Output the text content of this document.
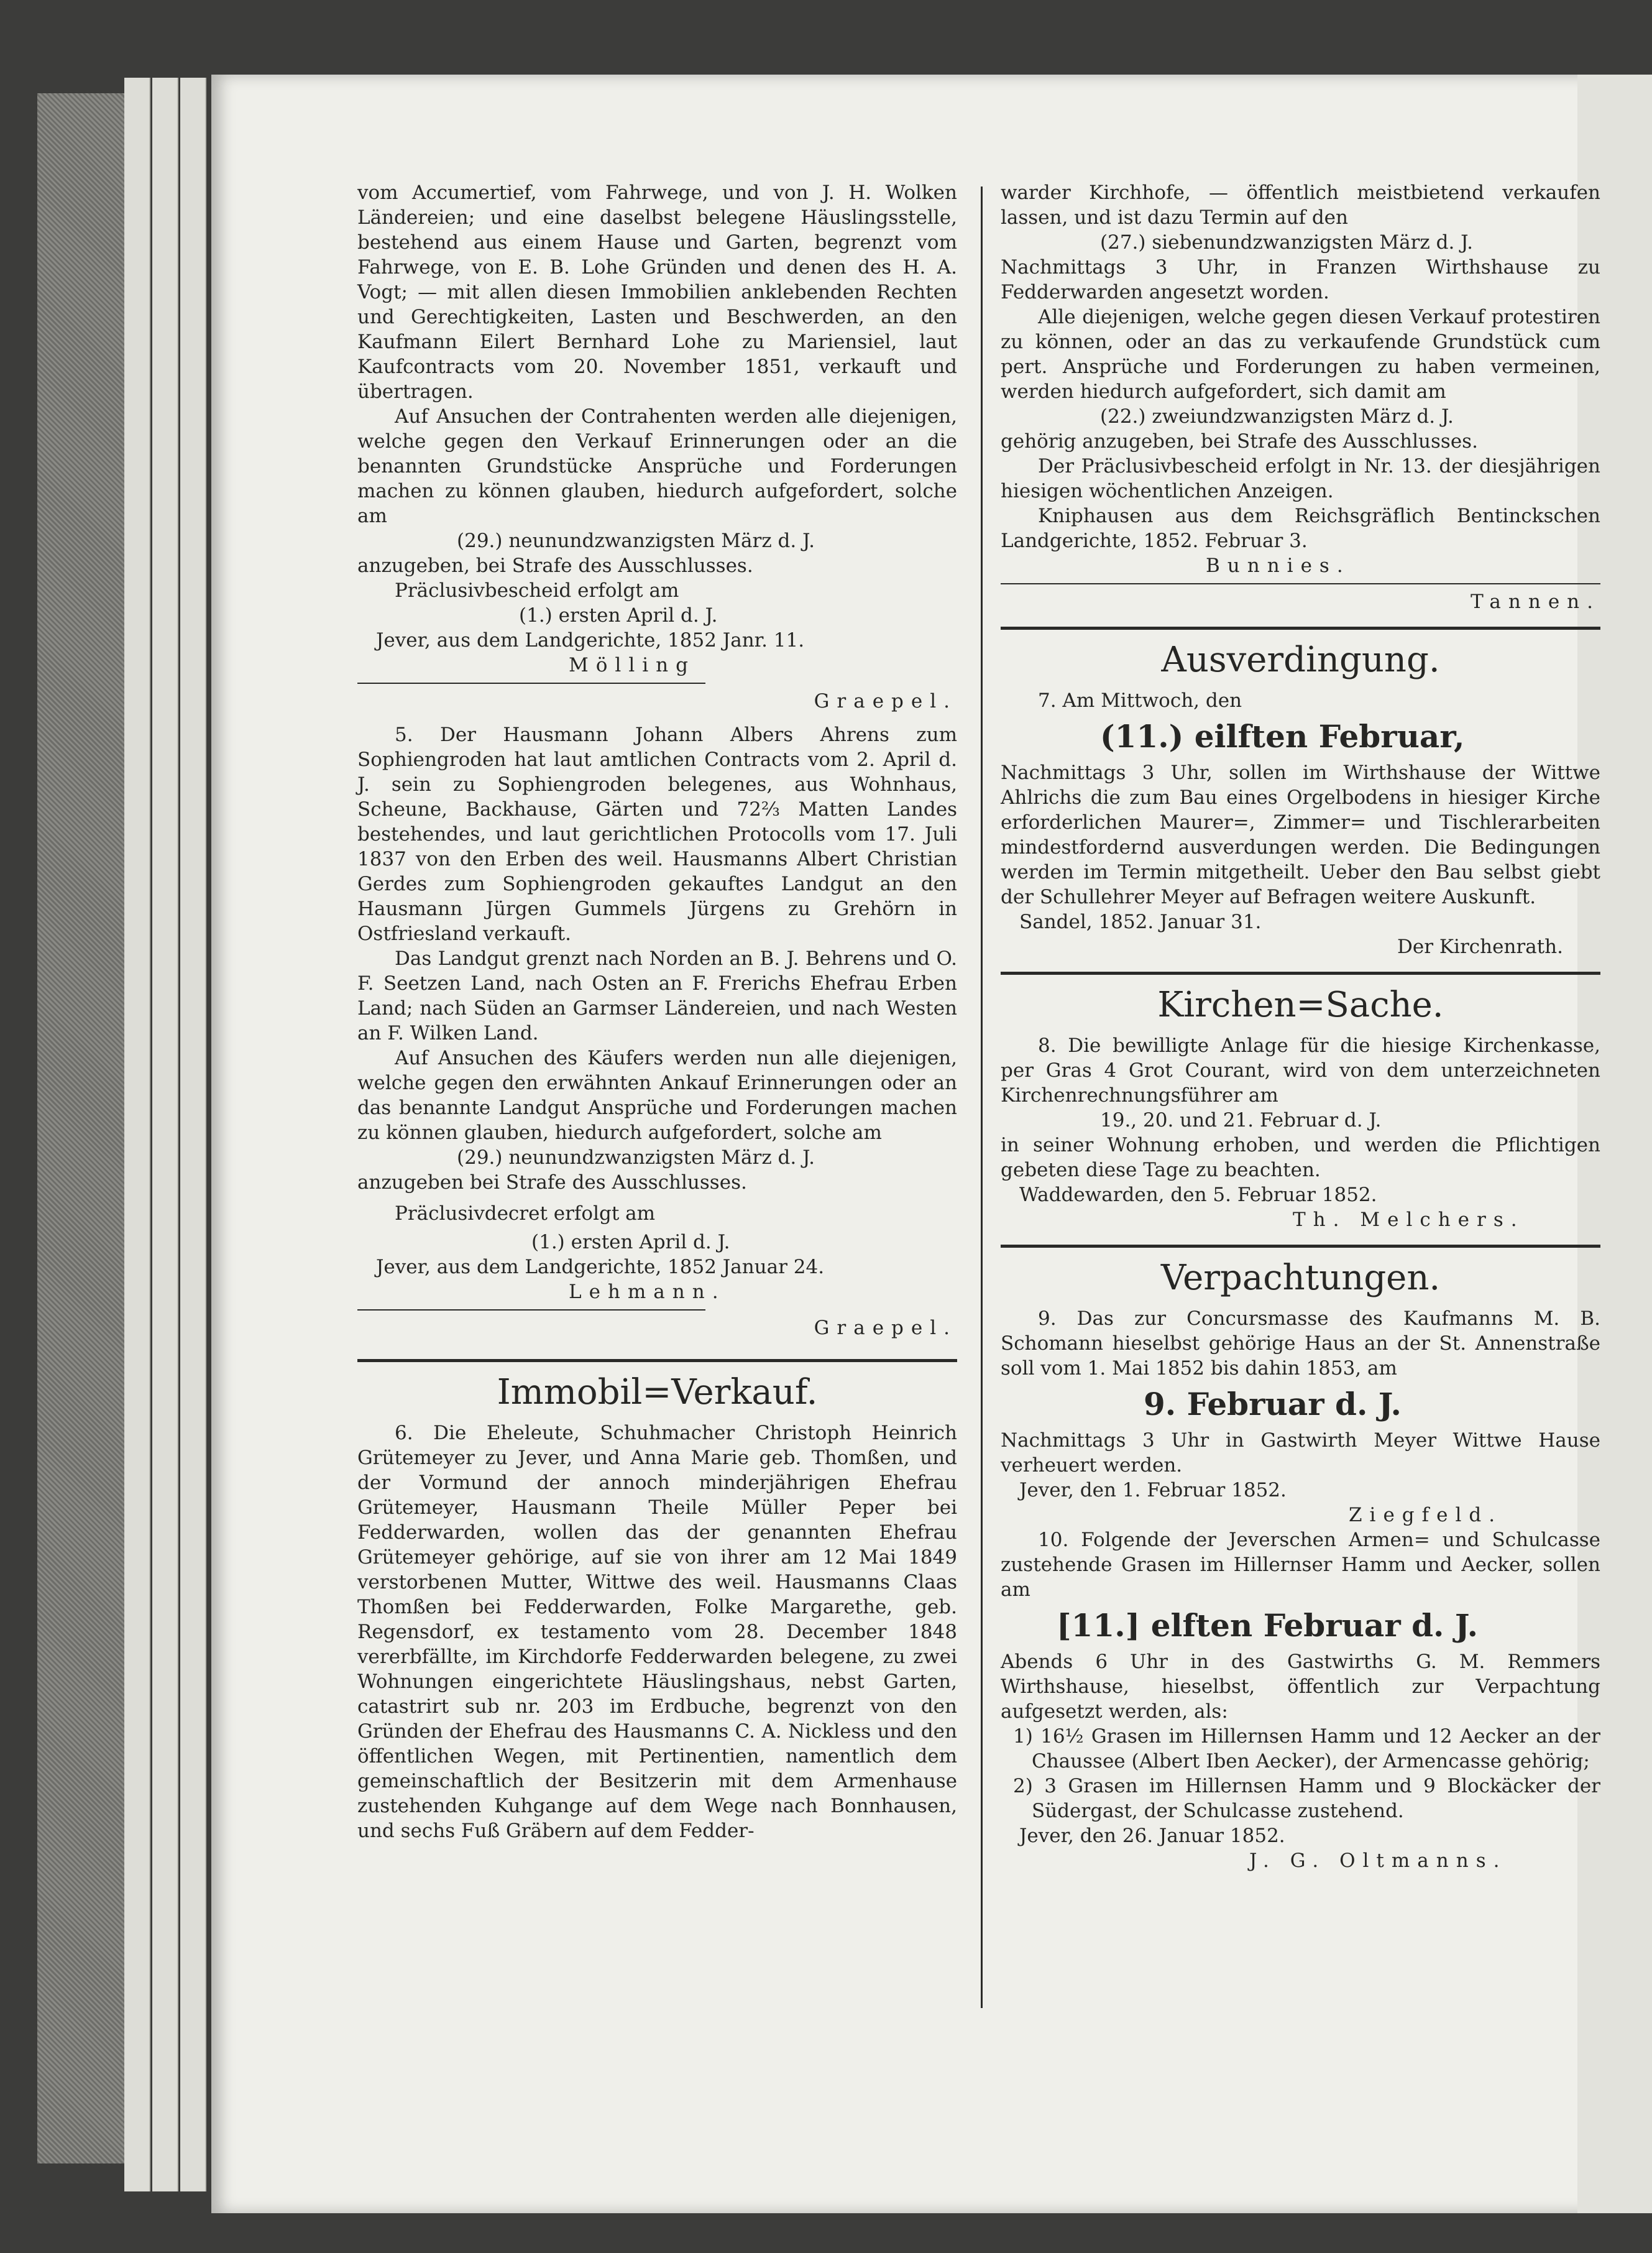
vom Accumertief, vom Fahrwege, und von J. H. Wolken Ländereien; und eine daselbst belegene Häuslingsstelle, bestehend aus einem Hause und Garten, begrenzt vom Fahrwege, von E. B. Lohe Gründen und denen des H. A. Vogt; — mit allen diesen Immobilien anklebenden Rechten und Gerechtigkeiten, Lasten und Beschwerden, an den Kaufmann Eilert Bernhard Lohe zu Mariensiel, laut Kaufcontracts vom 20. November 1851, verkauft und übertragen.

Auf Ansuchen der Contrahenten werden alle diejenigen, welche gegen den Verkauf Erinnerungen oder an die benannten Grundstücke Ansprüche und Forderungen machen zu können glauben, hiedurch aufgefordert, solche am

(29.) neunundzwanzigsten März d. J.

anzugeben, bei Strafe des Ausschlusses.

Präclusivbescheid erfolgt am

(1.) ersten April d. J.

Jever, aus dem Landgerichte, 1852 Janr. 11.

Mölling

Graepel.

5. Der Hausmann Johann Albers Ahrens zum Sophiengroden hat laut amtlichen Contracts vom 2. April d. J. sein zu Sophiengroden belegenes, aus Wohnhaus, Scheune, Backhause, Gärten und 72⅔ Matten Landes bestehendes, und laut gerichtlichen Protocolls vom 17. Juli 1837 von den Erben des weil. Hausmanns Albert Christian Gerdes zum Sophiengroden gekauftes Landgut an den Hausmann Jürgen Gummels Jürgens zu Grehörn in Ostfriesland verkauft.

Das Landgut grenzt nach Norden an B. J. Behrens und O. F. Seetzen Land, nach Osten an F. Frerichs Ehefrau Erben Land; nach Süden an Garmser Ländereien, und nach Westen an F. Wilken Land.

Auf Ansuchen des Käufers werden nun alle diejenigen, welche gegen den erwähnten Ankauf Erinnerungen oder an das benannte Landgut Ansprüche und Forderungen machen zu können glauben, hiedurch aufgefordert, solche am

(29.) neunundzwanzigsten März d. J.

anzugeben bei Strafe des Ausschlusses.

Präclusivdecret erfolgt am

(1.) ersten April d. J.

Jever, aus dem Landgerichte, 1852 Januar 24.

Lehmann.

Graepel.

Immobil=Verkauf.

6. Die Eheleute, Schuhmacher Christoph Heinrich Grütemeyer zu Jever, und Anna Marie geb. Thomßen, und der Vormund der annoch minderjährigen Ehefrau Grütemeyer, Hausmann Theile Müller Peper bei Fedderwarden, wollen das der genannten Ehefrau Grütemeyer gehörige, auf sie von ihrer am 12 Mai 1849 verstorbenen Mutter, Wittwe des weil. Hausmanns Claas Thomßen bei Fedderwarden, Folke Margarethe, geb. Regensdorf, ex testamento vom 28. December 1848 vererbfällte, im Kirchdorfe Fedderwarden belegene, zu zwei Wohnungen eingerichtete Häuslingshaus, nebst Garten, catastrirt sub nr. 203 im Erdbuche, begrenzt von den Gründen der Ehefrau des Hausmanns C. A. Nickless und den öffentlichen Wegen, mit Pertinentien, namentlich dem gemeinschaftlich der Besitzerin mit dem Armenhause zustehenden Kuhgange auf dem Wege nach Bonnhausen, und sechs Fuß Gräbern auf dem Fedder-

warder Kirchhofe, — öffentlich meistbietend verkaufen lassen, und ist dazu Termin auf den

(27.) siebenundzwanzigsten März d. J.

Nachmittags 3 Uhr, in Franzen Wirthshause zu Fedderwarden angesetzt worden.

Alle diejenigen, welche gegen diesen Verkauf protestiren zu können, oder an das zu verkaufende Grundstück cum pert. Ansprüche und Forderungen zu haben vermeinen, werden hiedurch aufgefordert, sich damit am

(22.) zweiundzwanzigsten März d. J.

gehörig anzugeben, bei Strafe des Ausschlusses.

Der Präclusivbescheid erfolgt in Nr. 13. der diesjährigen hiesigen wöchentlichen Anzeigen.

Kniphausen aus dem Reichsgräflich Bentinckschen Landgerichte, 1852. Februar 3.

Bunnies.

Tannen.

Ausverdingung.

7. Am Mittwoch, den

(11.) eilften Februar,

Nachmittags 3 Uhr, sollen im Wirthshause der Wittwe Ahlrichs die zum Bau eines Orgelbodens in hiesiger Kirche erforderlichen Maurer=, Zimmer= und Tischlerarbeiten mindestfordernd ausverdungen werden. Die Bedingungen werden im Termin mitgetheilt. Ueber den Bau selbst giebt der Schullehrer Meyer auf Befragen weitere Auskunft.

Sandel, 1852. Januar 31.

Der Kirchenrath.

Kirchen=Sache.

8. Die bewilligte Anlage für die hiesige Kirchenkasse, per Gras 4 Grot Courant, wird von dem unterzeichneten Kirchenrechnungsführer am

19., 20. und 21. Februar d. J.

in seiner Wohnung erhoben, und werden die Pflichtigen gebeten diese Tage zu beachten.

Waddewarden, den 5. Februar 1852.

Th. Melchers.

Verpachtungen.

9. Das zur Concursmasse des Kaufmanns M. B. Schomann hieselbst gehörige Haus an der St. Annenstraße soll vom 1. Mai 1852 bis dahin 1853, am

9. Februar d. J.

Nachmittags 3 Uhr in Gastwirth Meyer Wittwe Hause verheuert werden.

Jever, den 1. Februar 1852.

Ziegfeld.

10. Folgende der Jeverschen Armen= und Schulcasse zustehende Grasen im Hillernser Hamm und Aecker, sollen am

[11.] elften Februar d. J.

Abends 6 Uhr in des Gastwirths G. M. Remmers Wirthshause, hieselbst, öffentlich zur Verpachtung aufgesetzt werden, als:

1) 16½ Grasen im Hillernsen Hamm und 12 Aecker an der Chaussee (Albert Iben Aecker), der Armencasse gehörig;

2) 3 Grasen im Hillernsen Hamm und 9 Blockäcker der Südergast, der Schulcasse zustehend.

Jever, den 26. Januar 1852.

J. G. Oltmanns.
